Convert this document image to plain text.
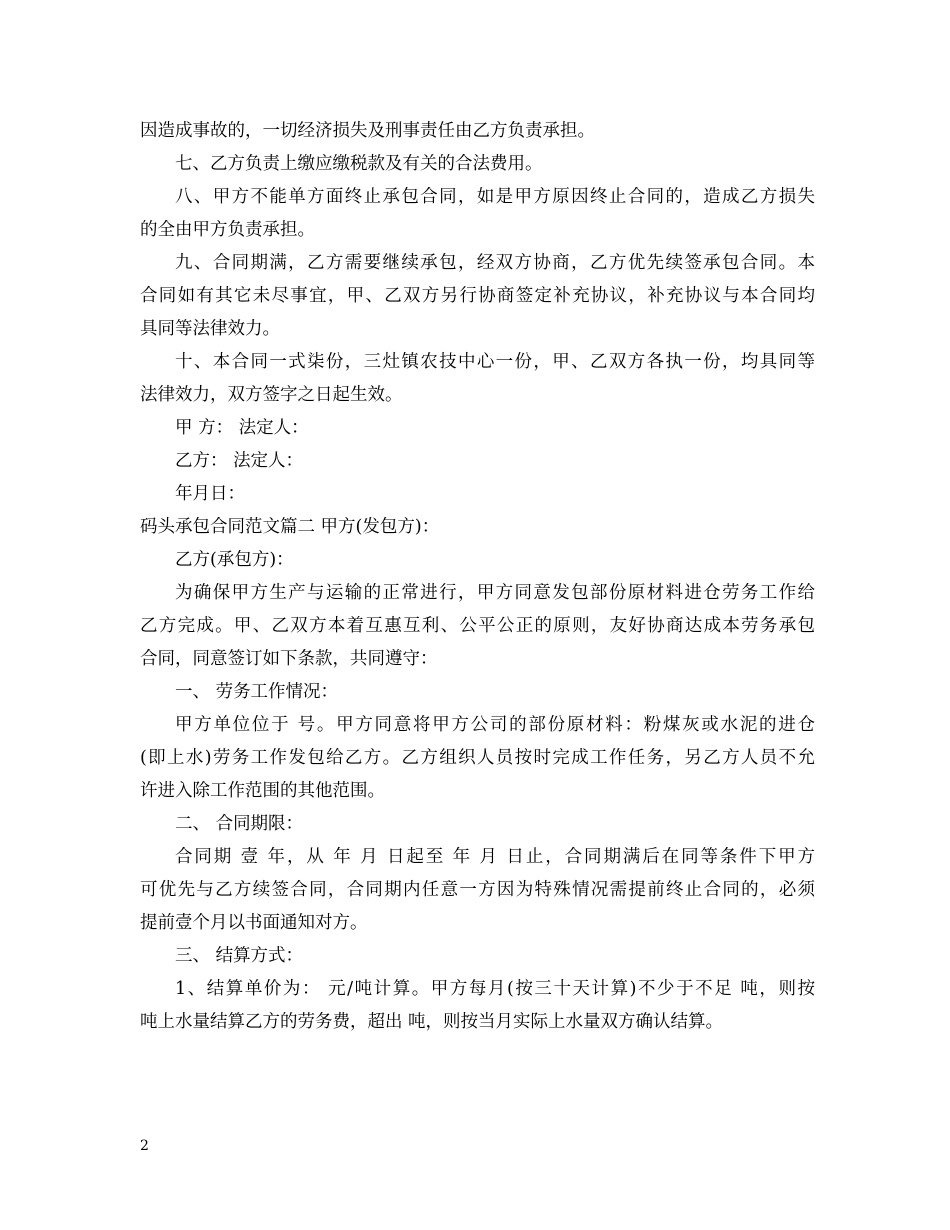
因造成事故的，一切经济损失及刑事责任由乙方负责承担。
七、乙方负责上缴应缴税款及有关的合法费用。
八、甲方不能单方面终止承包合同，如是甲方原因终止合同的，造成乙方损失
的全由甲方负责承担。
九、合同期满，乙方需要继续承包，经双方协商，乙方优先续签承包合同。本
合同如有其它未尽事宜，甲、乙双方另行协商签定补充协议，补充协议与本合同均
具同等法律效力。
十、本合同一式柒份，三灶镇农技中心一份，甲、乙双方各执一份，均具同等
法律效力，双方签字之日起生效。
甲 方： 法定人：
乙方： 法定人：
年月日：
码头承包合同范文篇二 甲方(发包方)：
乙方(承包方)：
为确保甲方生产与运输的正常进行，甲方同意发包部份原材料进仓劳务工作给
乙方完成。甲、乙双方本着互惠互利、公平公正的原则，友好协商达成本劳务承包
合同，同意签订如下条款，共同遵守：
一、 劳务工作情况：
甲方单位位于 号。甲方同意将甲方公司的部份原材料：粉煤灰或水泥的进仓
(即上水)劳务工作发包给乙方。乙方组织人员按时完成工作任务，另乙方人员不允
许进入除工作范围的其他范围。
二、 合同期限：
合同期 壹 年，从 年 月 日起至 年 月 日止，合同期满后在同等条件下甲方
可优先与乙方续签合同，合同期内任意一方因为特殊情况需提前终止合同的，必须
提前壹个月以书面通知对方。
三、 结算方式：
1、结算单价为： 元/吨计算。甲方每月(按三十天计算)不少于不足 吨，则按
吨上水量结算乙方的劳务费，超出 吨，则按当月实际上水量双方确认结算。
2
